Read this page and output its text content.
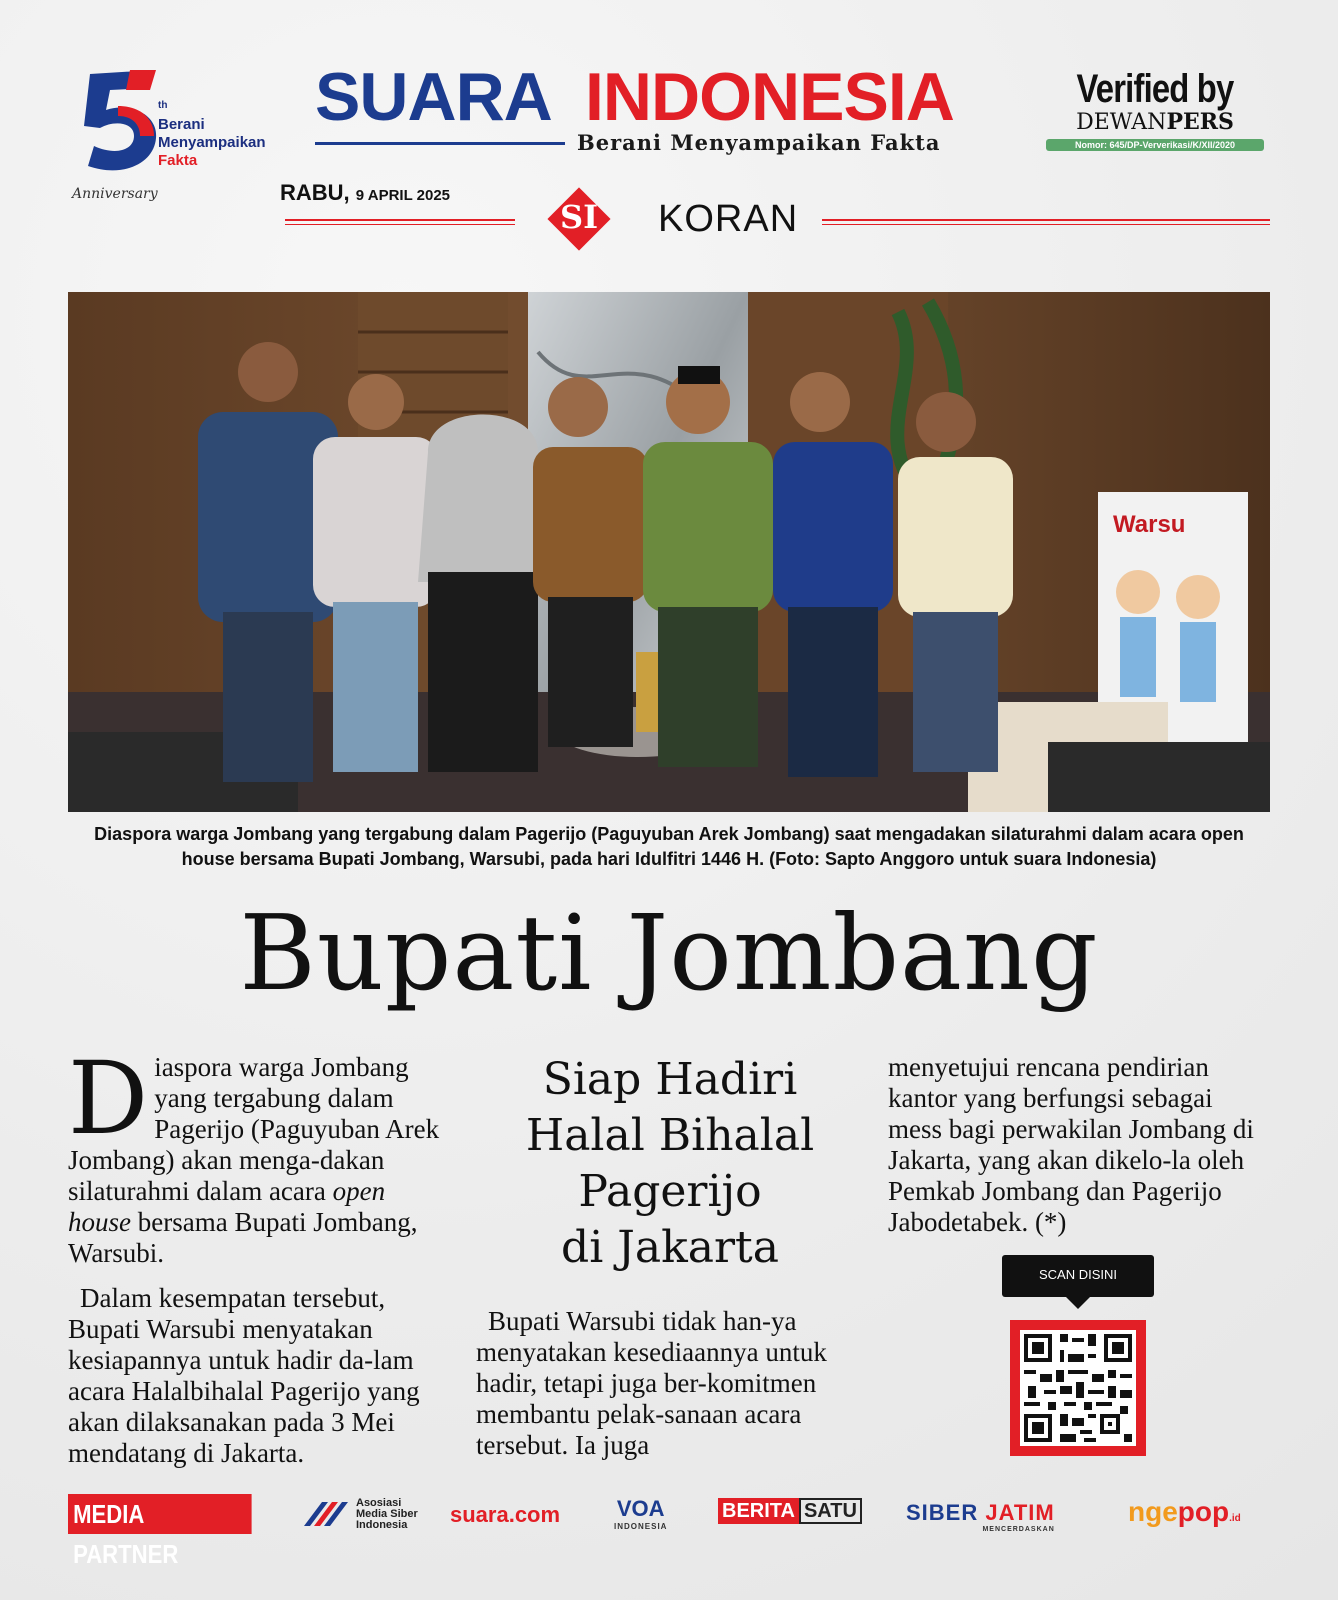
th
Berani
Menyampaikan
Fakta
Anniversary
SUARA INDONESIA
Berani Menyampaikan Fakta
Verified by
DEWANPERS
Nomor: 645/DP-Ververikasi/K/XII/2020
RABU, 9 APRIL 2025
SI	KORAN
Warsu
Diaspora warga Jombang yang tergabung dalam Pagerijo (Paguyuban Arek Jombang) saat mengadakan silaturahmi dalam acara open house bersama Bupati Jombang, Warsubi, pada hari Idulfitri 1446 H. (Foto: Sapto Anggoro untuk suara Indonesia)
Bupati Jombang

Diaspora warga Jombang yang tergabung dalam Pagerijo (Paguyuban Arek Jombang) akan menga-dakan silaturahmi dalam acara open house bersama Bupati Jombang, Warsubi.

Dalam kesempatan tersebut, Bupati Warsubi menyatakan kesiapannya untuk hadir da-lam acara Halalbihalal Pagerijo yang akan dilaksanakan pada 3 Mei mendatang di Jakarta.

Siap Hadiri
Halal Bihalal
Pagerijo
di Jakarta
Bupati Warsubi tidak han-ya menyatakan kesediaannya untuk hadir, tetapi juga ber-komitmen membantu pelak-sanaan acara tersebut. Ia juga
menyetujui rencana pendirian kantor yang berfungsi sebagai mess bagi perwakilan Jombang di Jakarta, yang akan dikelo-la oleh Pemkab Jombang dan Pagerijo Jabodetabek. (*)
SCAN DISINI
MEDIA PARTNER
Asosiasi
Media Siber
Indonesia	suara.com	VOA
INDONESIA
BERITA SATU SIBER JATIM
MENCERDASKAN
ngepop.id
